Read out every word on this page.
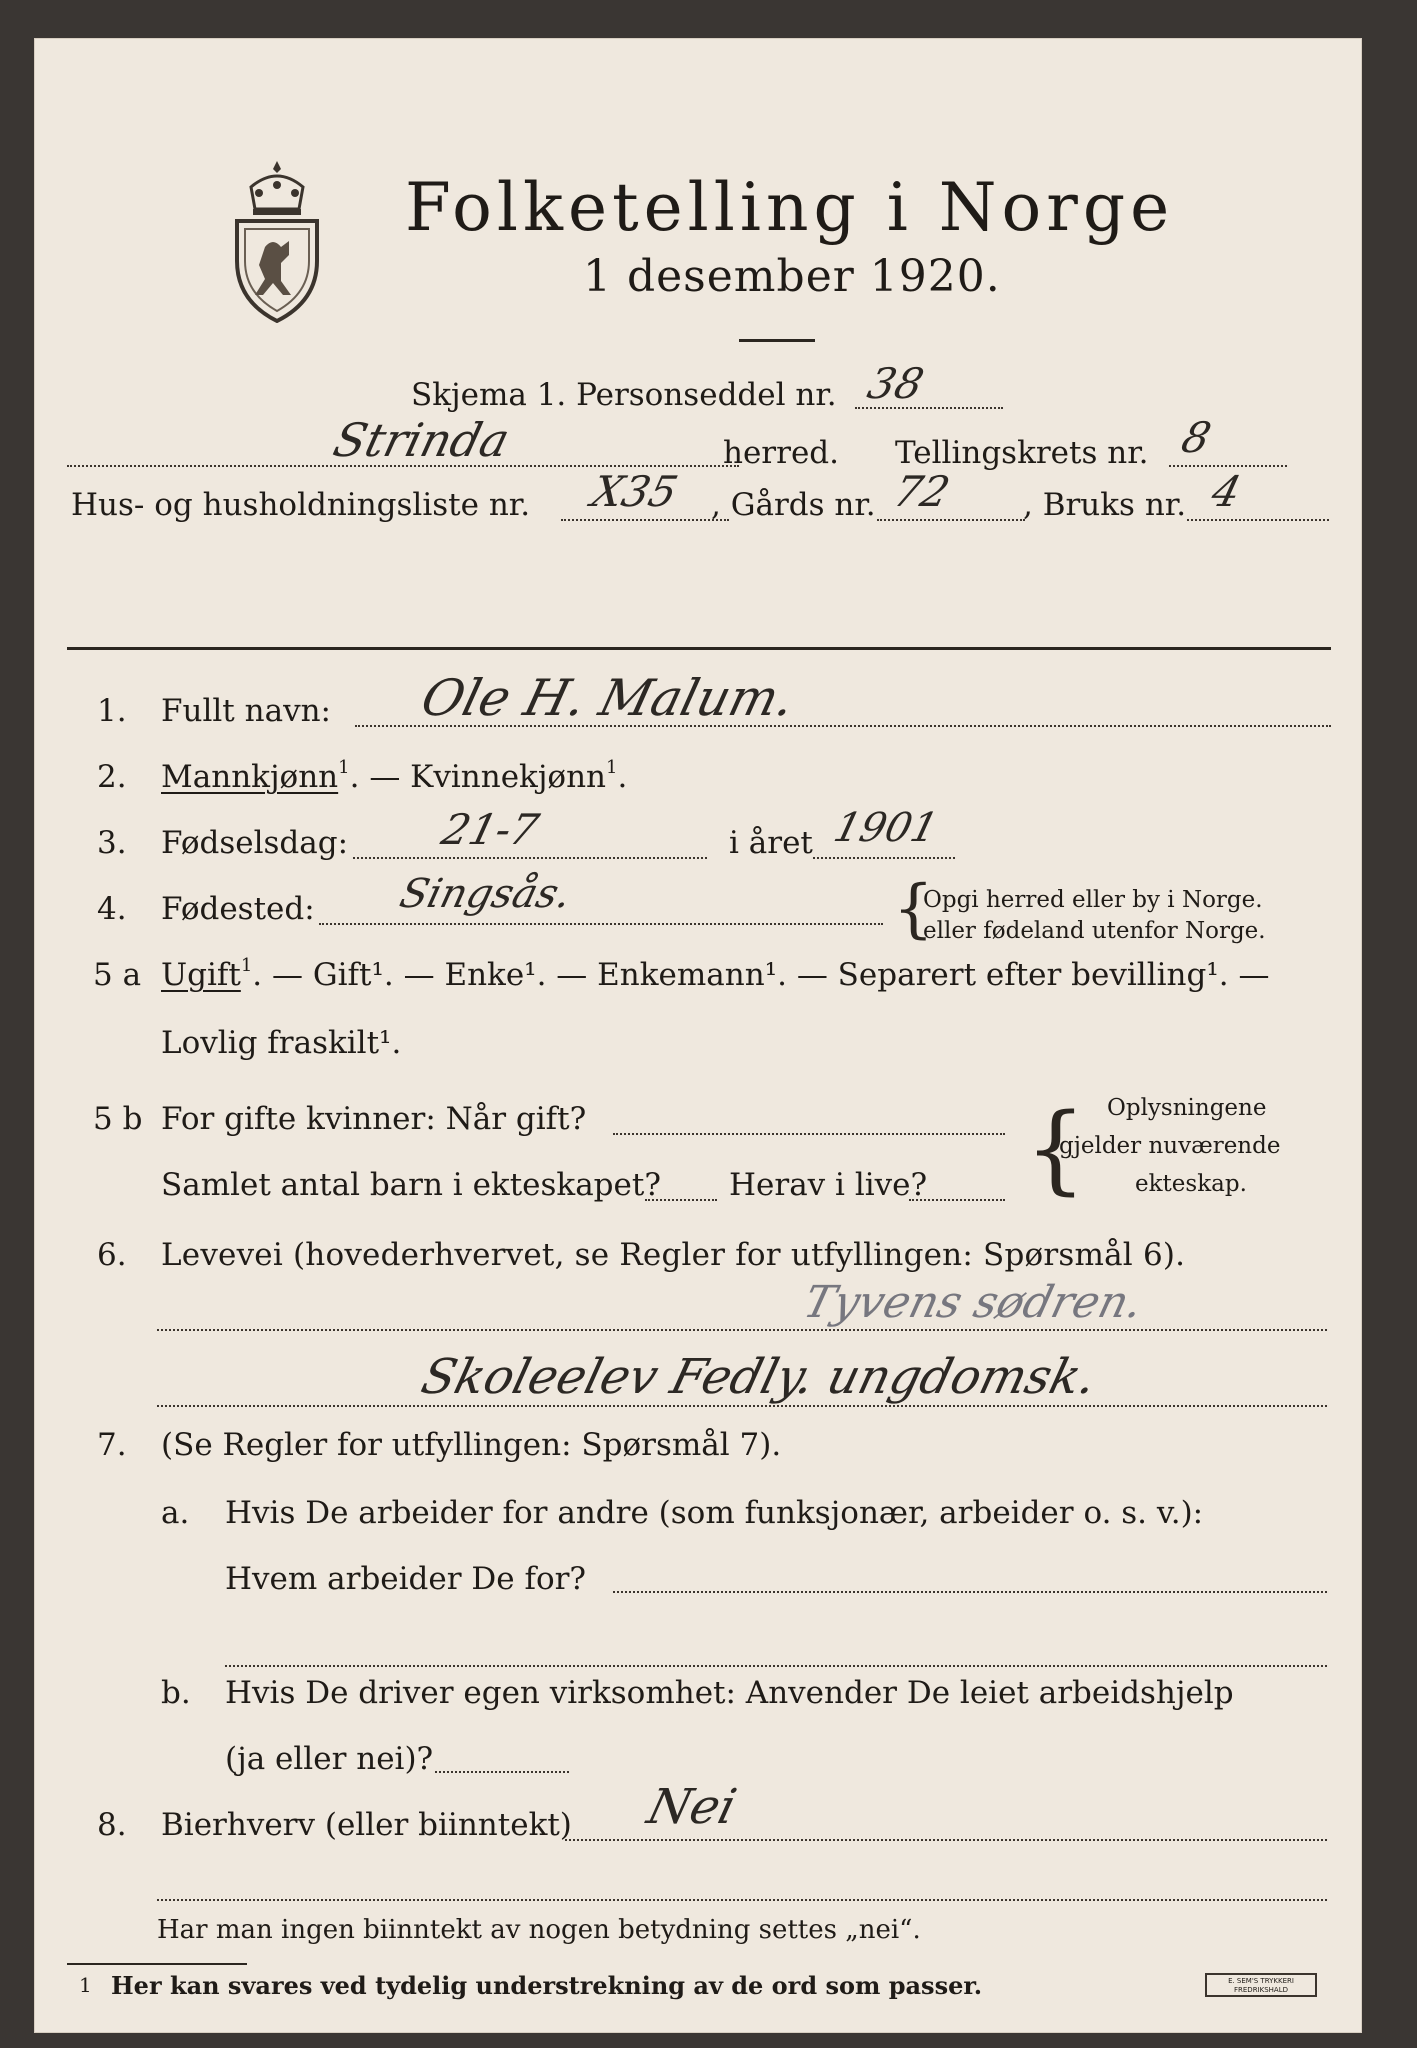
Folketelling i Norge
1 desember 1920.
Skjema 1. Personseddel nr. 38
Strinda	herred. Tellingskrets nr. 8
Hus- og husholdningsliste nr. X35 , Gårds nr. 72 , Bruks nr. 4
1. Fullt navn: Ole H. Malum.
2. Mannkjønn$^1$. — Kvinnekjønn$^1$.
3. Fødselsdag: 21-7	i året 1901
4. Fødested: Singsås.	{
Opgi herred eller by i Norge.
eller fødeland utenfor Norge.
5 a Ugift$^1$. — Gift¹. — Enke¹. — Enkemann¹. — Separert efter bevilling¹. —
Lovlig fraskilt¹.
5 b For gifte kvinner: Når gift?
Samlet antal barn i ekteskapet? Herav i live? { Oplysningene
gjelder nuværende
ekteskap.
6. Levevei (hovederhvervet, se Regler for utfyllingen: Spørsmål 6).
Tyvens sødren.
Skoleelev Fedly. ungdomsk.
7. (Se Regler for utfyllingen: Spørsmål 7).
a. Hvis De arbeider for andre (som funksjonær, arbeider o. s. v.):
Hvem arbeider De for?
b. Hvis De driver egen virksomhet: Anvender De leiet arbeidshjelp
(ja eller nei)?
8. Bierhverv (eller biinntekt) Nei
Har man ingen biinntekt av nogen betydning settes „nei“.
1 Her kan svares ved tydelig understrekning av de ord som passer.	E. SEM'S TRYKKERI FREDRIKSHALD
